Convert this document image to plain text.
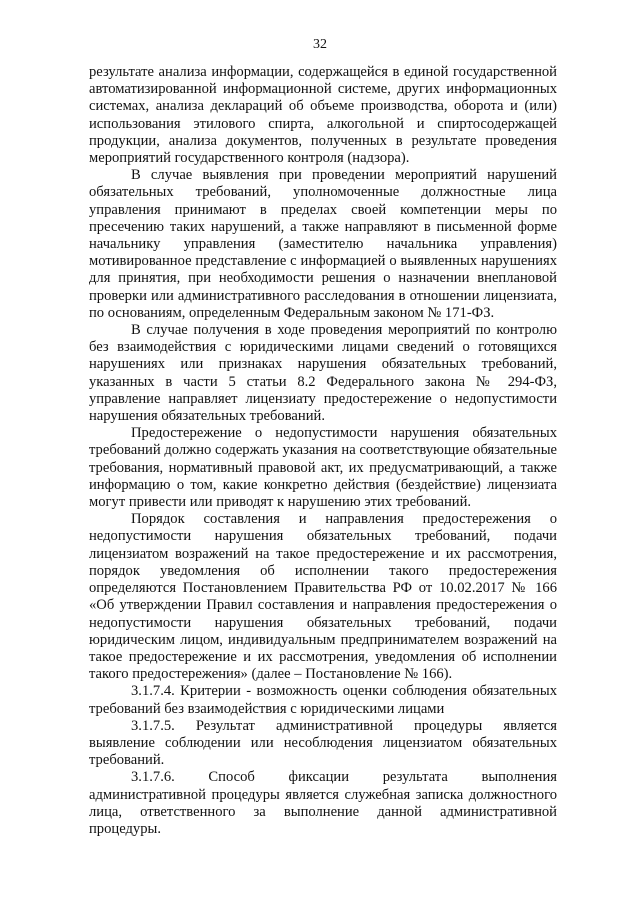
32

результате анализа информации, содержащейся в единой государственной автоматизированной информационной системе, других информационных системах, анализа деклараций об объеме производства, оборота и (или) использования этилового спирта, алкогольной и спиртосодержащей продукции, анализа документов, полученных в результате проведения мероприятий государственного контроля (надзора).

В случае выявления при проведении мероприятий нарушений обязательных требований, уполномоченные должностные лица управления принимают в пределах своей компетенции меры по пресечению таких нарушений, а также направляют в письменной форме начальнику управления (заместителю начальника управления) мотивированное представление с информацией о выявленных нарушениях для принятия, при необходимости решения о назначении внеплановой проверки или административного расследования в отношении лицензиата, по основаниям, определенным Федеральным законом № 171-ФЗ.

В случае получения в ходе проведения мероприятий по контролю без взаимодействия с юридическими лицами сведений о готовящихся нарушениях или признаках нарушения обязательных требований, указанных в части 5 статьи 8.2 Федерального закона № 294-ФЗ, управление направляет лицензиату предостережение о недопустимости нарушения обязательных требований.

Предостережение о недопустимости нарушения обязательных требований должно содержать указания на соответствующие обязательные требования, нормативный правовой акт, их предусматривающий, а также информацию о том, какие конкретно действия (бездействие) лицензиата могут привести или приводят к нарушению этих требований.

Порядок составления и направления предостережения о недопустимости нарушения обязательных требований, подачи лицензиатом возражений на такое предостережение и их рассмотрения, порядок уведомления об исполнении такого предостережения определяются Постановлением Правительства РФ от 10.02.2017 № 166 «Об утверждении Правил составления и направления предостережения о недопустимости нарушения обязательных требований, подачи юридическим лицом, индивидуальным предпринимателем возражений на такое предостережение и их рассмотрения, уведомления об исполнении такого предостережения» (далее – Постановление № 166).

3.1.7.4. Критерии - возможность оценки соблюдения обязательных требований без взаимодействия с юридическими лицами

3.1.7.5. Результат административной процедуры является выявление соблюдении или несоблюдения лицензиатом обязательных требований.

3.1.7.6. Способ фиксации результата выполнения административной процедуры является служебная записка должностного лица, ответственного за выполнение данной административной процедуры.
